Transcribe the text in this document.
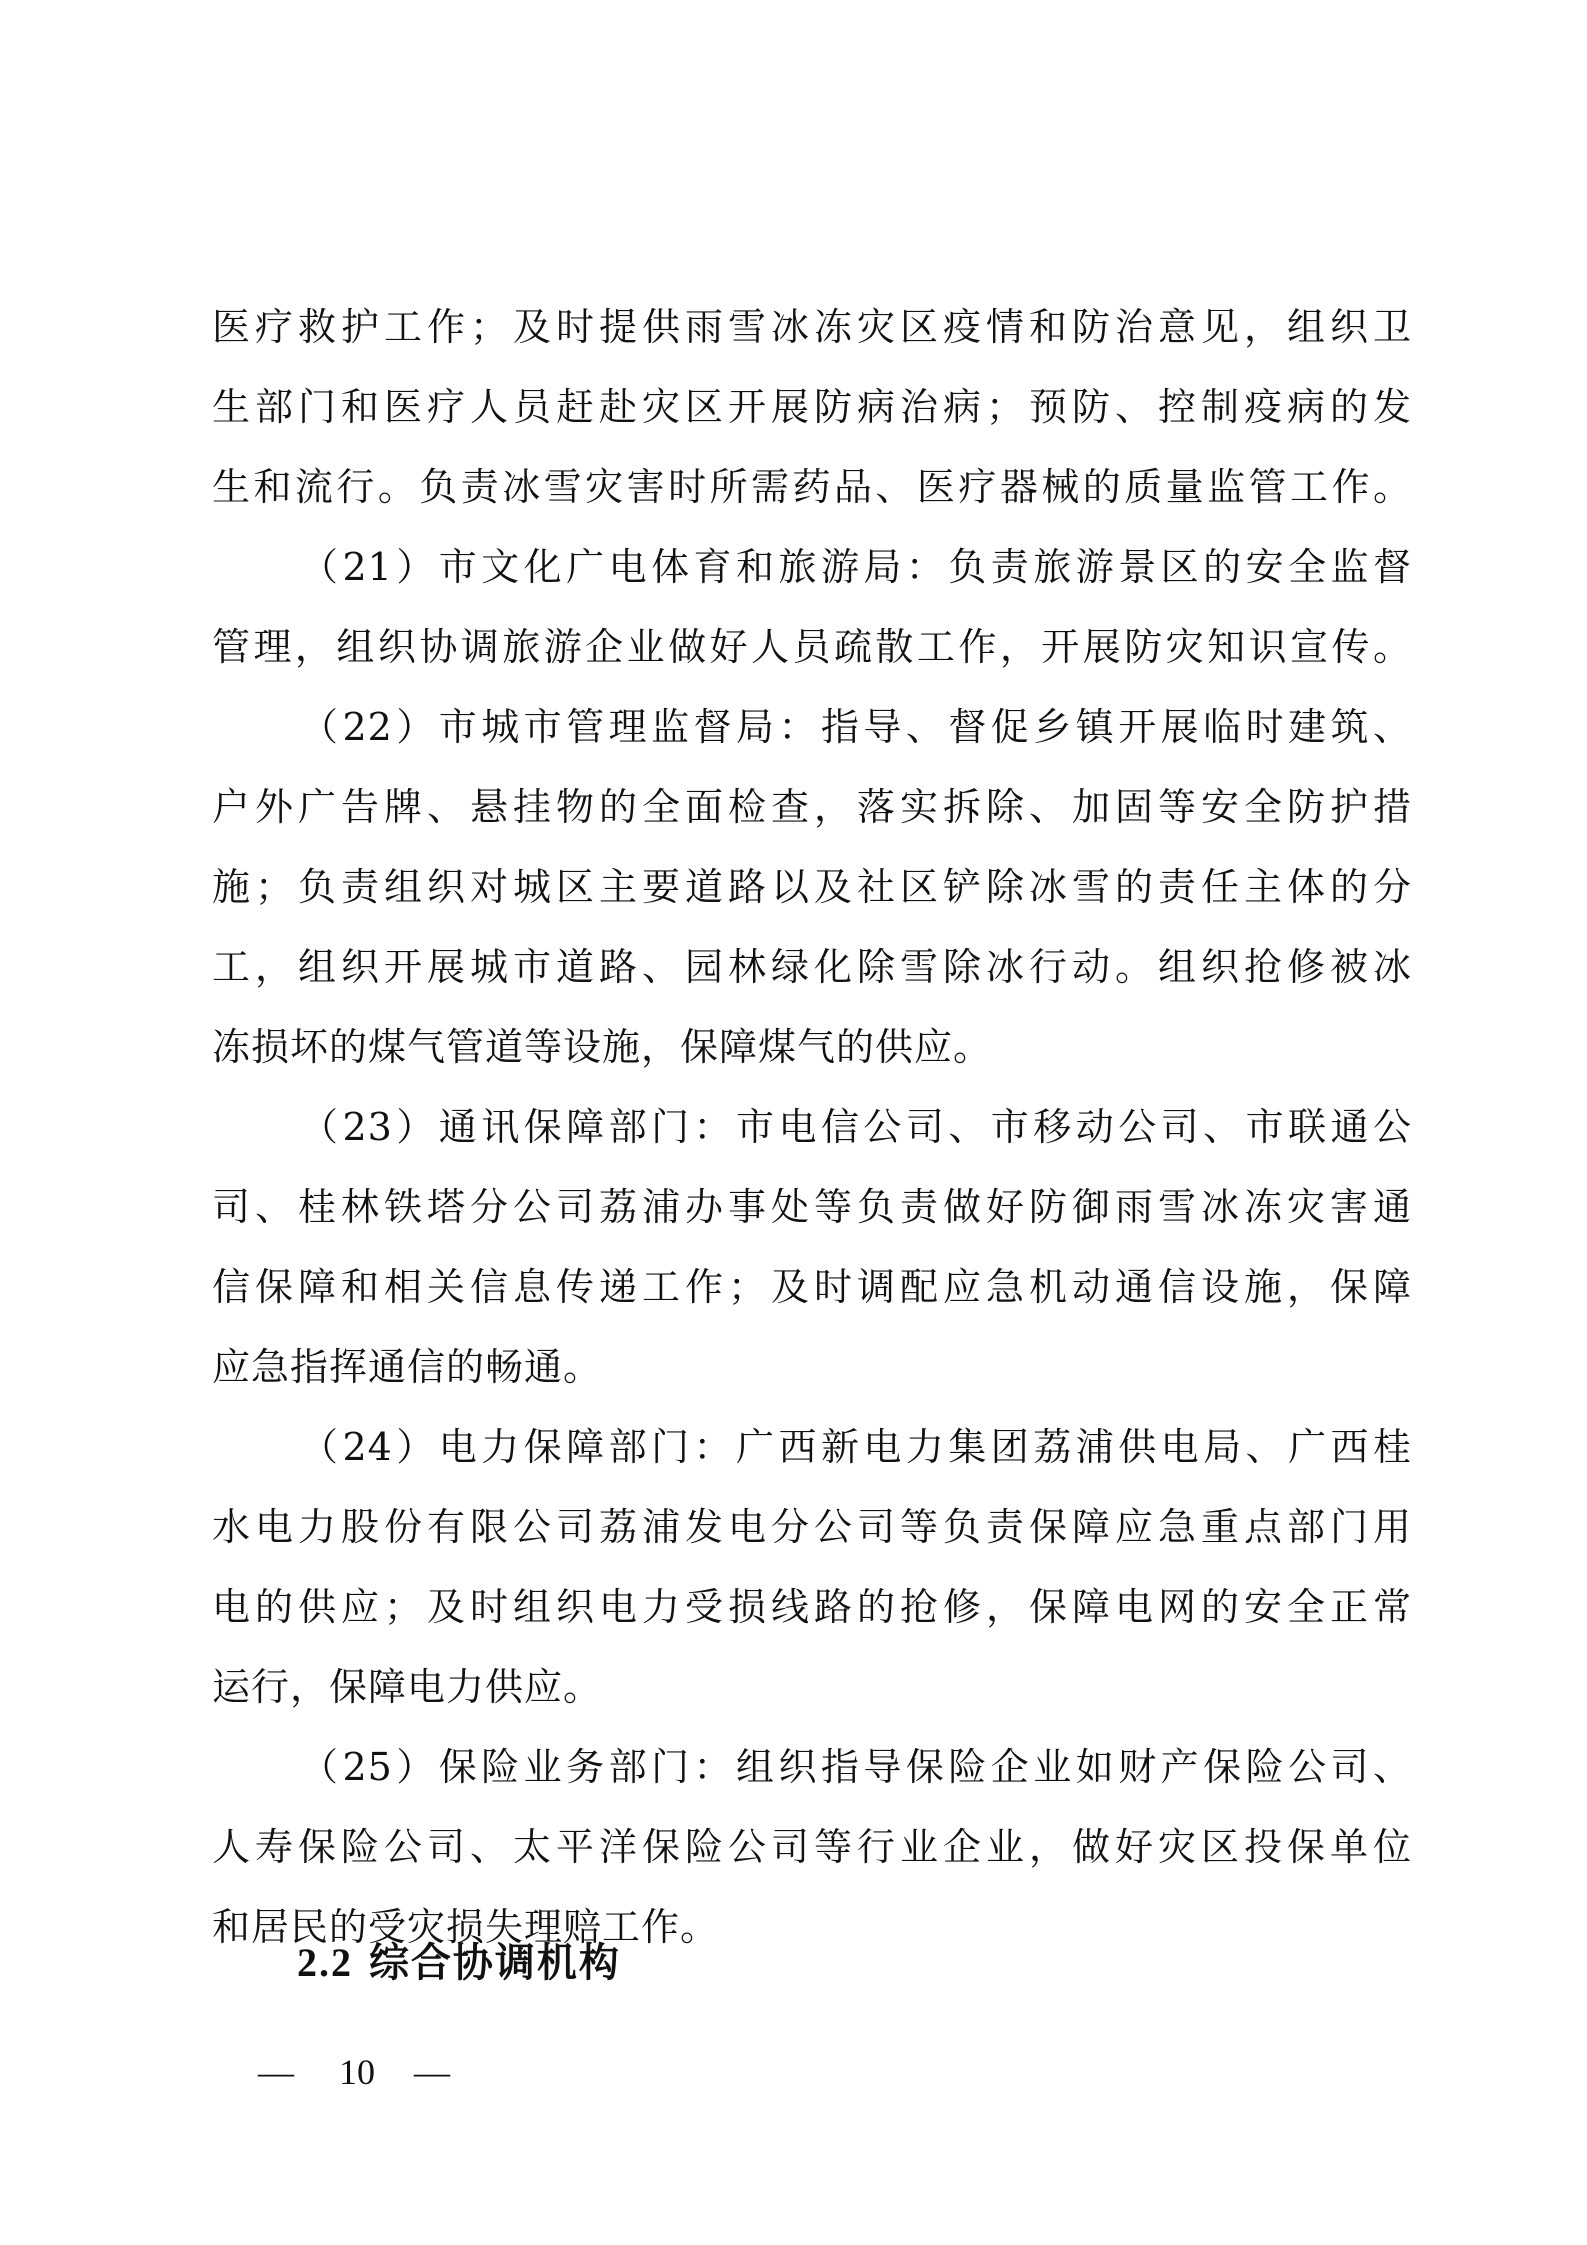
医疗救护工作；及时提供雨雪冰冻灾区疫情和防治意见，组织卫
生部门和医疗人员赶赴灾区开展防病治病；预防、控制疫病的发
生和流行。负责冰雪灾害时所需药品、医疗器械的质量监管工作。
（21）市文化广电体育和旅游局：负责旅游景区的安全监督
管理，组织协调旅游企业做好人员疏散工作，开展防灾知识宣传。
（22）市城市管理监督局：指导、督促乡镇开展临时建筑、
户外广告牌、悬挂物的全面检查，落实拆除、加固等安全防护措
施；负责组织对城区主要道路以及社区铲除冰雪的责任主体的分
工，组织开展城市道路、园林绿化除雪除冰行动。组织抢修被冰
冻损坏的煤气管道等设施，保障煤气的供应。
（23）通讯保障部门：市电信公司、市移动公司、市联通公
司、桂林铁塔分公司荔浦办事处等负责做好防御雨雪冰冻灾害通
信保障和相关信息传递工作；及时调配应急机动通信设施，保障
应急指挥通信的畅通。
（24）电力保障部门：广西新电力集团荔浦供电局、广西桂
水电力股份有限公司荔浦发电分公司等负责保障应急重点部门用
电的供应；及时组织电力受损线路的抢修，保障电网的安全正常
运行，保障电力供应。
（25）保险业务部门：组织指导保险企业如财产保险公司、
人寿保险公司、太平洋保险公司等行业企业，做好灾区投保单位
和居民的受灾损失理赔工作。
2.2 综合协调机构
— 10 —
